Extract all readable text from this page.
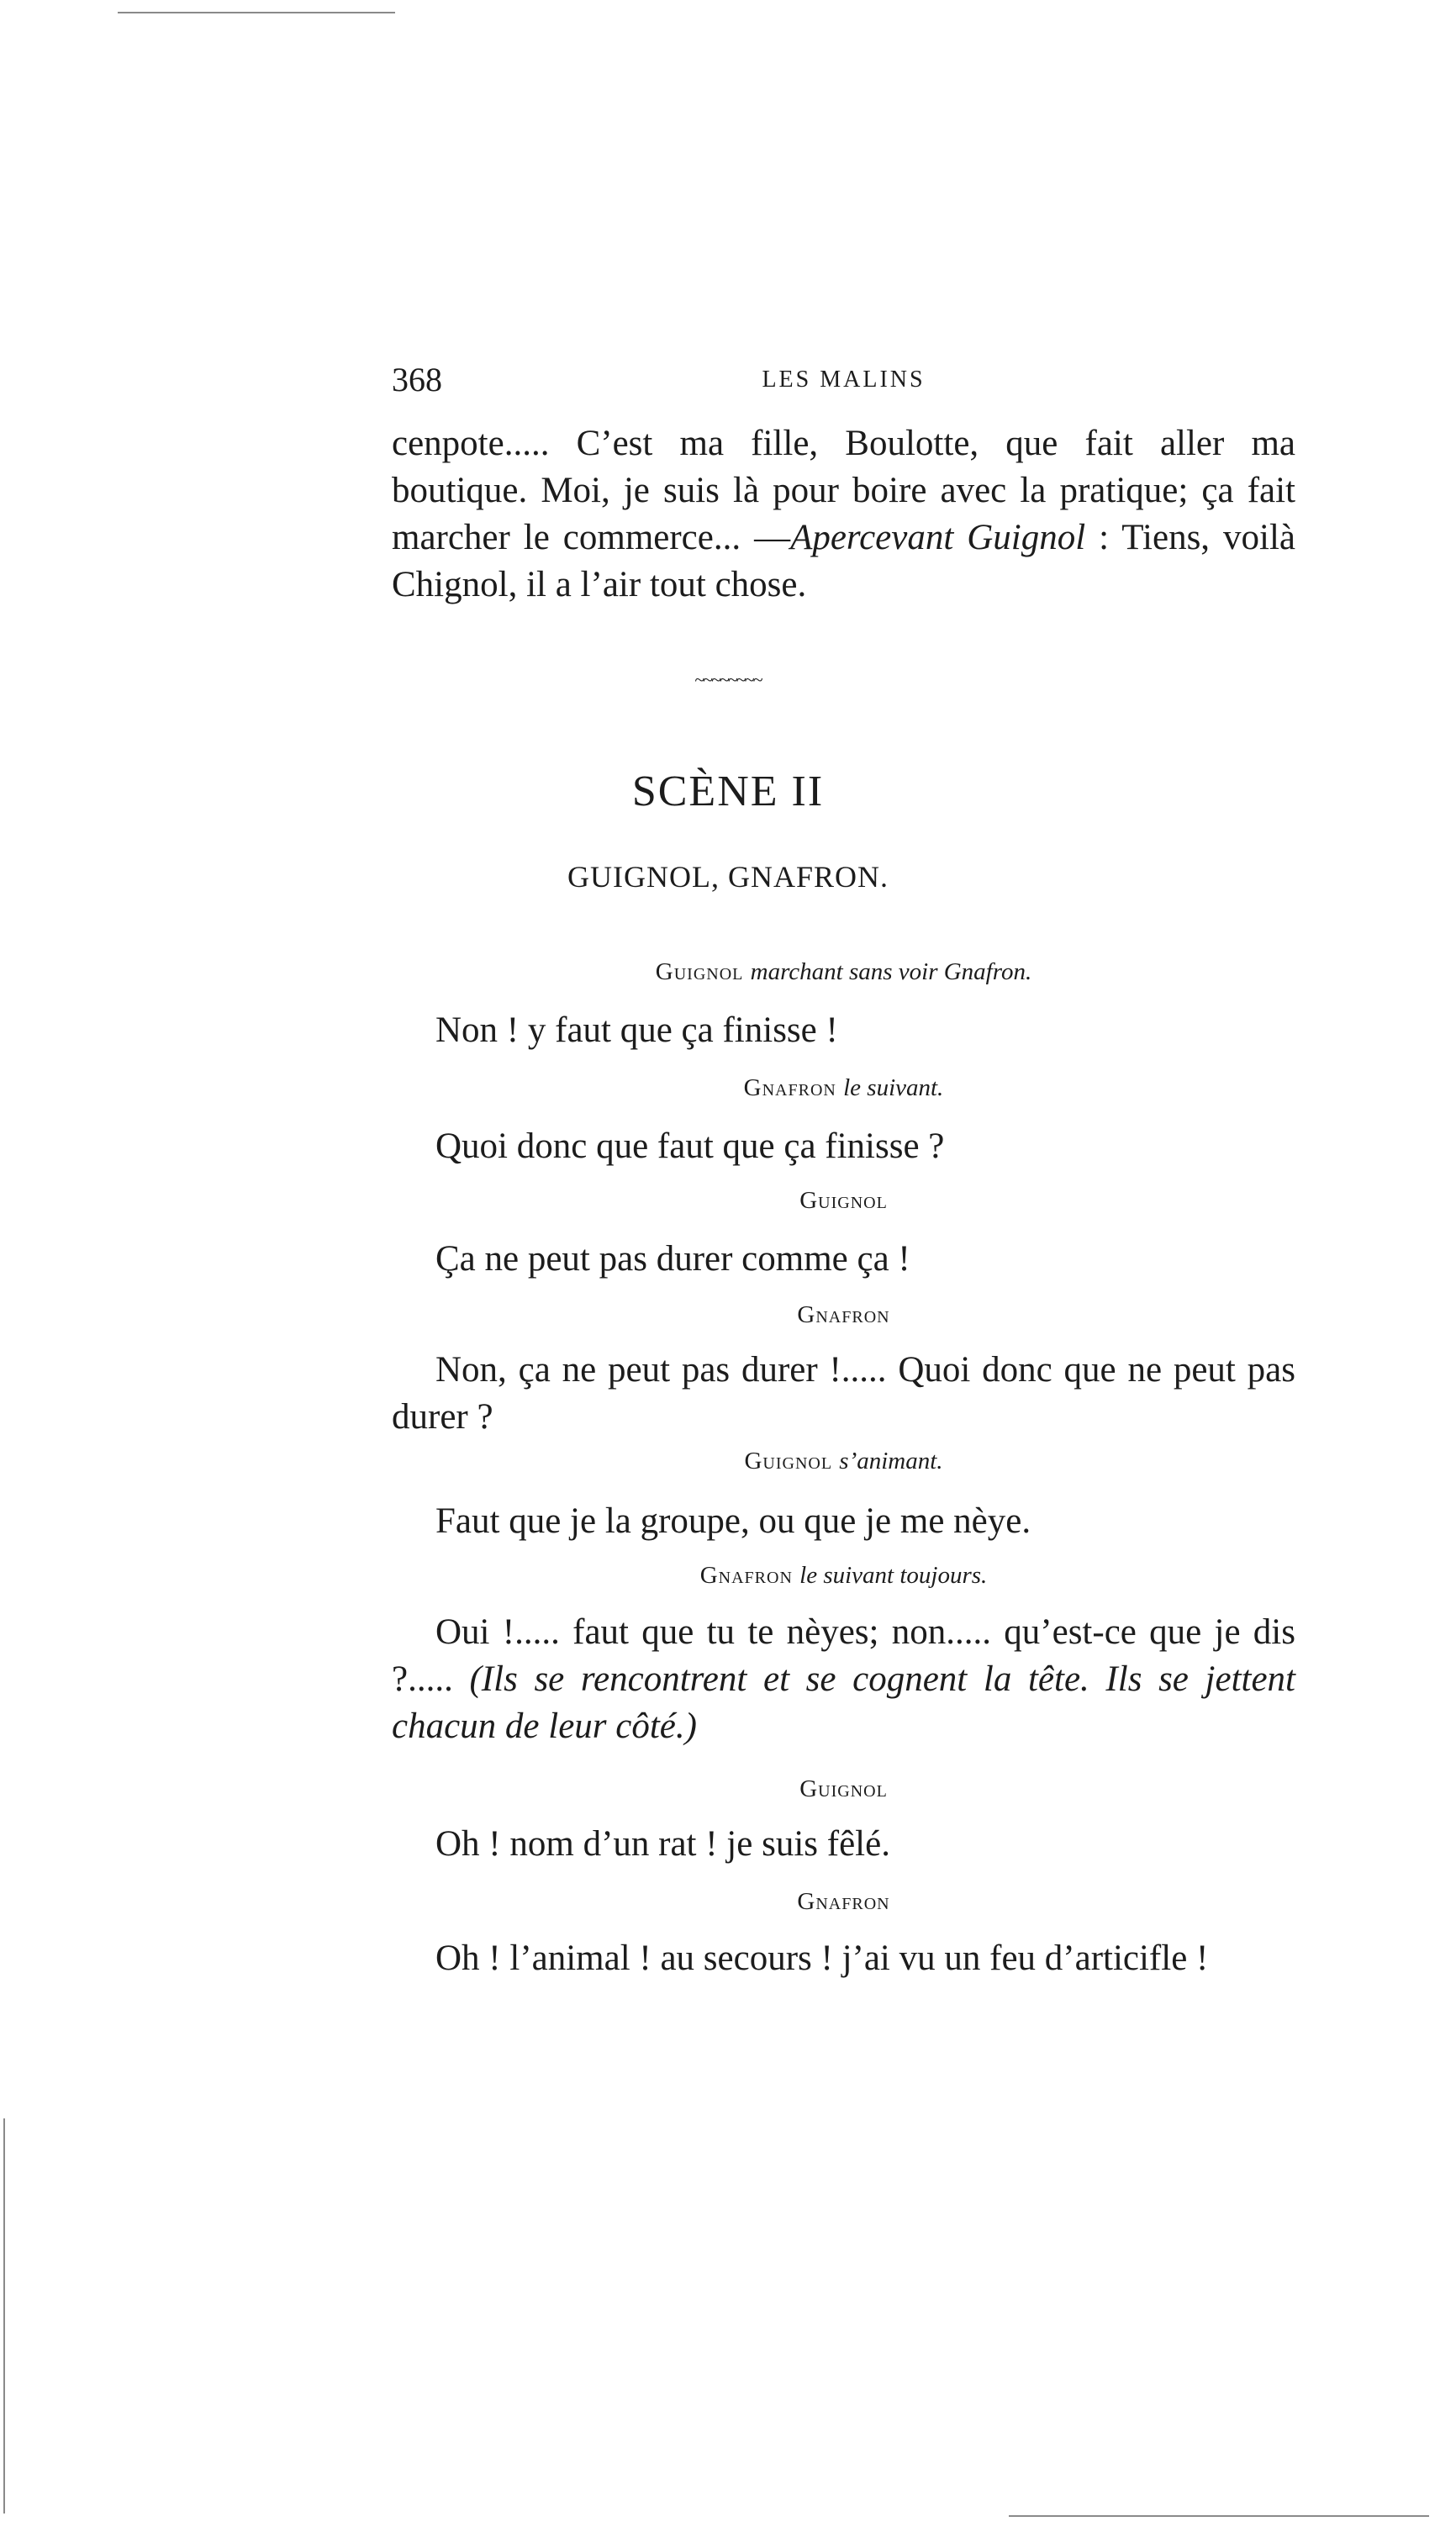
368	LES MALINS

cenpote..... C’est ma fille, Boulotte, que fait aller ma boutique. Moi, je suis là pour boire avec la pratique; ça fait marcher le commerce... —Apercevant Guignol : Tiens, voilà Chignol, il a l’air tout chose.

~~~~~~~~
SCÈNE II
GUIGNOL, GNAFRON.
Guignol marchant sans voir Gnafron.

Non ! y faut que ça finisse !

Gnafron le suivant.

Quoi donc que faut que ça finisse ?

Guignol

Ça ne peut pas durer comme ça !

Gnafron

Non, ça ne peut pas durer !..... Quoi donc que ne peut pas durer ?

Guignol s’animant.

Faut que je la groupe, ou que je me nèye.

Gnafron le suivant toujours.

Oui !..... faut que tu te nèyes; non..... qu’est-ce que je dis ?..... (Ils se rencontrent et se cognent la tête. Ils se jettent chacun de leur côté.)

Guignol

Oh ! nom d’un rat ! je suis fêlé.

Gnafron

Oh ! l’animal ! au secours ! j’ai vu un feu d’articifle !
